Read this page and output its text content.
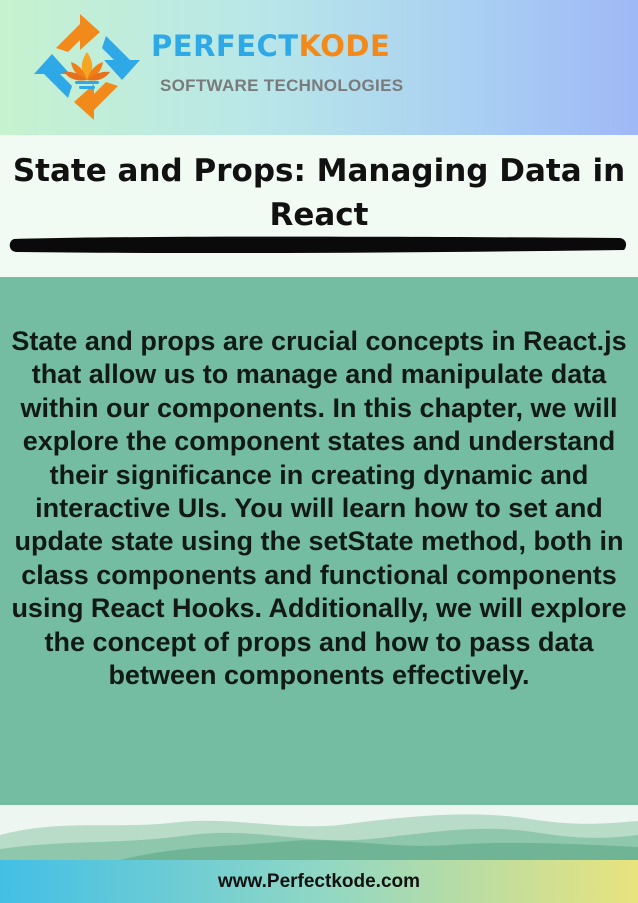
PERFECTKODE
SOFTWARE TECHNOLOGIES
State and Props: Managing Data in React

State and props are crucial concepts in React.js that allow us to manage and manipulate data within our components. In this chapter, we will explore the component states and understand their significance in creating dynamic and interactive UIs. You will learn how to set and update state using the setState method, both in class components and functional components using React Hooks. Additionally, we will explore the concept of props and how to pass data between components effectively.

www.Perfectkode.com
